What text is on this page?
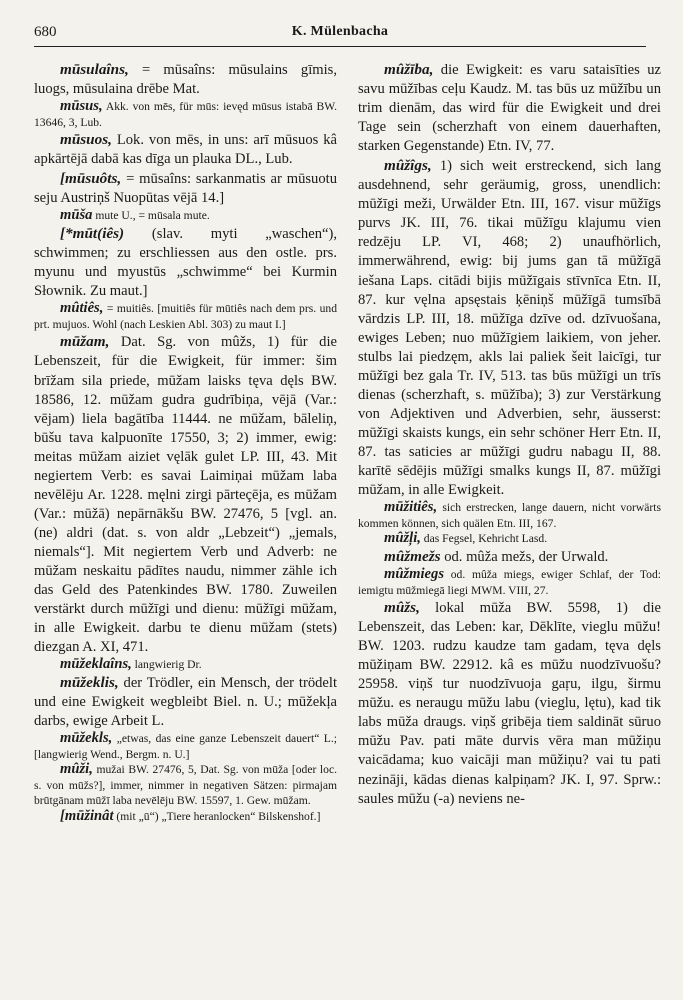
680	K. Mülenbacha

mūsulaîns, = mūsaîns: mūsulains gīmis, luogs, mūsulaina drēbe Mat.

mūsus, Akk. von mēs, für mūs: ievęd mūsus istabā BW. 13646, 3, Lub.

mūsuos, Lok. von mēs, in uns: arī mūsuos kâ apkārtējā dabā kas dīga un plauka DL., Lub.

[mūsuôts, = mūsaîns: sarkanmatis ar mūsuotu seju Austriņš Nuopūtas vējā 14.]

mūša mute U., = mūsala mute.

[*mūt(iês) (slav. myti „waschen“), schwimmen; zu erschliessen aus den ostle. prs. myunu und myustūs „schwimme“ bei Kurmin Słownik. Zu maut.]

mûtiês, = muitiês. [muitiês für mūtiês nach dem prs. und prt. mujuos. Wohl (nach Leskien Abl. 303) zu maut I.]

mūžam, Dat. Sg. von mûžs, 1) für die Lebenszeit, für die Ewigkeit, für immer: šim brīžam sila priede, mūžam laisks tęva dęls BW. 18586, 12. mūžam gudra gudrībiņa, vējā (Var.: vējam) liela bagātība 11444. ne mūžam, bāleliņ, būšu tava kalpuonīte 17550, 3; 2) immer, ewig: meitas mūžam aiziet vęlāk gulet LP. III, 43. Mit negiertem Verb: es savai Laimiņai mūžam laba nevēlēju Ar. 1228. męlni zirgi pārteçēja, es mūžam (Var.: mūžā) nepārnākšu BW. 27476, 5 [vgl. an. (ne) aldri (dat. s. von aldr „Lebzeit“) „jemals, niemals“]. Mit negiertem Verb und Adverb: ne mūžam neskaitu pādītes naudu, nimmer zähle ich das Geld des Patenkindes BW. 1780. Zuweilen verstärkt durch mūžīgi und dienu: mūžīgi mūžam, in alle Ewigkeit. darbu te dienu mūžam (stets) diezgan A. XI, 471.

mūžeklaîns, langwierig Dr.

mūžeklis, der Trödler, ein Mensch, der trödelt und eine Ewigkeit wegbleibt Biel. n. U.; mūžekļa darbs, ewige Arbeit L.

mūžekls, „etwas, das eine ganze Lebenszeit dauert“ L.; [langwierig Wend., Bergm. n. U.]

mûži, mužai BW. 27476, 5, Dat. Sg. von mūža [oder loc. s. von mūžs?], immer, nimmer in negativen Sätzen: pirmajam brūtgānam mūžī laba nevēlēju BW. 15597, 1. Gew. mūžam.

[mūžinât (mit „ū“) „Tiere heranlocken“ Bilskenshof.]

mûžība, die Ewigkeit: es varu sataisīties uz savu mūžības ceļu Kaudz. M. tas būs uz mūžību un trim dienām, das wird für die Ewigkeit und drei Tage sein (scherzhaft von einem dauerhaften, starken Gegenstande) Etn. IV, 77.

mûžîgs, 1) sich weit erstreckend, sich lang ausdehnend, sehr geräumig, gross, unendlich: mūžīgi meži, Urwälder Etn. III, 167. visur mūžīgs purvs JK. III, 76. tikai mūžīgu klajumu vien redzēju LP. VI, 468; 2) unaufhörlich, immerwährend, ewig: bij jums gan tā mūžīgā iešana Laps. citādi bijis mūžīgais stīvnīca Etn. II, 87. kur vęlna apsęstais ķēniņš mūžīgā tumsībā vārdzis LP. III, 18. mūžīga dzīve od. dzīvuošana, ewiges Leben; nuo mūžīgiem laikiem, von jeher. stulbs lai piedzęm, akls lai paliek šeit laicīgi, tur mūžīgi bez gala Tr. IV, 513. tas būs mūžīgi un trīs dienas (scherzhaft, s. mūžība); 3) zur Verstärkung von Adjektiven und Adverbien, sehr, äusserst: mūžīgi skaists kungs, ein sehr schöner Herr Etn. II, 87. tas saticies ar mūžīgi gudru nabagu II, 88. karītē sēdējis mūžīgi smalks kungs II, 87. mūžīgi mūžam, in alle Ewigkeit.

mūžitiês, sich erstrecken, lange dauern, nicht vorwärts kommen können, sich quälen Etn. III, 167.

mûžļi, das Fegsel, Kehricht Lasd.

mûžmežs od. mûža mežs, der Urwald.

mûžmiegs od. mûža miegs, ewiger Schlaf, der Tod: iemigtu mūžmiegā liegi MWM. VIII, 27.

mûžs, lokal mūža BW. 5598, 1) die Lebenszeit, das Leben: kar, Dēklīte, vieglu mūžu! BW. 1203. rudzu kaudze tam gadam, tęva dęls mūžiņam BW. 22912. kâ es mūžu nuodzīvuošu? 25958. viņš tur nuodzīvuoja gaŗu, ilgu, širmu mūžu. es neraugu mūžu labu (vieglu, lętu), kad tik labs mūža draugs. viņš gribēja tiem saldināt sūruo mūžu Pav. pati māte durvis vēra man mūžiņu vaicādama; kuo vaicāji man mūžiņu? vai tu pati nezināji, kādas dienas kalpiņam? JK. I, 97. Sprw.: saules mūžu (-a) neviens ne-
